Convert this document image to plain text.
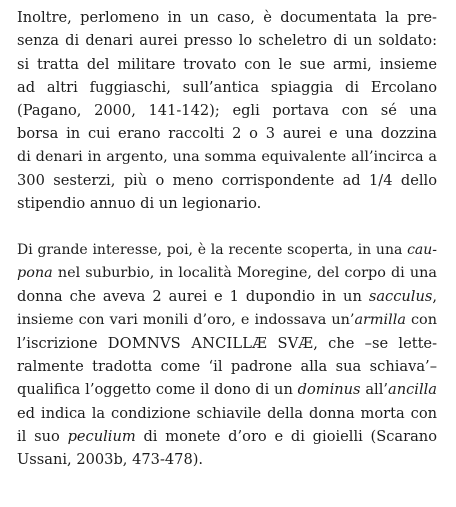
Inoltre, perlomeno in un caso, è documentata la pre-
senza di denari aurei presso lo scheletro di un soldato:
si tratta del militare trovato con le sue armi, insieme
ad altri fuggiaschi, sull’antica spiaggia di Ercolano
(Pagano, 2000, 141-142); egli portava con sé una
borsa in cui erano raccolti 2 o 3 aurei e una dozzina
di denari in argento, una somma equivalente all’incirca a
300 sesterzi, più o meno corrispondente ad 1/4 dello
stipendio annuo di un legionario.

Di grande interesse, poi, è la recente scoperta, in una cau-
pona nel suburbio, in località Moregine, del corpo di una
donna che aveva 2 aurei e 1 dupondio in un sacculus,
insieme con vari monili d’oro, e indossava un’armilla con
l’iscrizione DOMNVS ANCILLÆ SVÆ, che –se lette-
ralmente tradotta come ‘il padrone alla sua schiava’–
qualifica l’oggetto come il dono di un dominus all’ancilla
ed indica la condizione schiavile della donna morta con
il suo peculium di monete d’oro e di gioielli (Scarano
Ussani, 2003b, 473-478).
